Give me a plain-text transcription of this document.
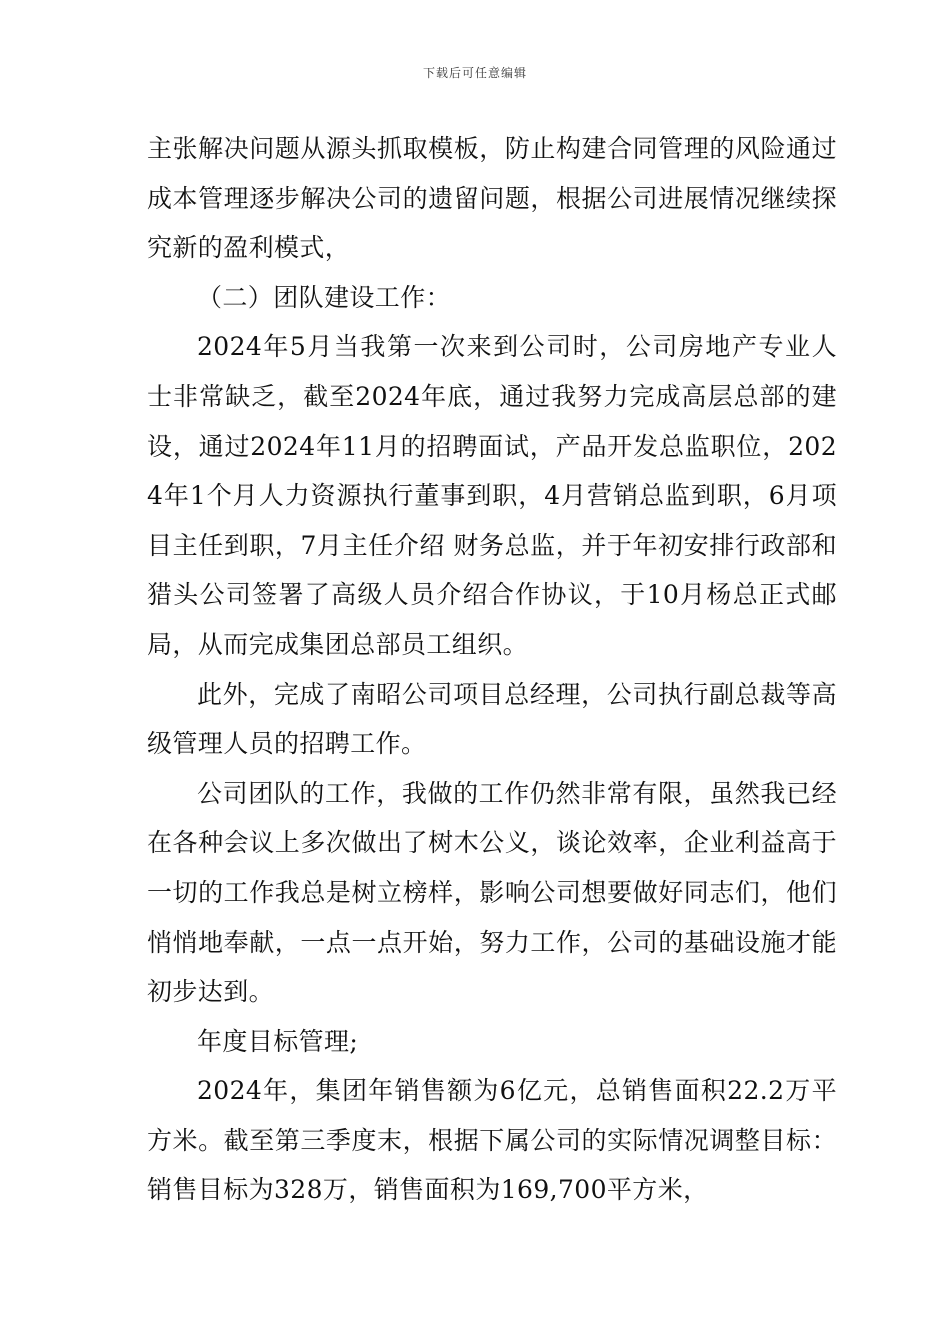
下载后可任意编辑

主张解决问题从源头抓取模板，防止构建合同管理的风险通过成本管理逐步解决公司的遗留问题，根据公司进展情况继续探究新的盈利模式，

（二）团队建设工作：

2024年5月当我第一次来到公司时，公司房地产专业人士非常缺乏，截至2024年底，通过我努力完成高层总部的建设，通过2024年11月的招聘面试，产品开发总监职位，2024年1个月人力资源执行董事到职，4月营销总监到职，6月项目主任到职，7月主任介绍 财务总监，并于年初安排行政部和猎头公司签署了高级人员介绍合作协议，于10月杨总正式邮局，从而完成集团总部员工组织。

此外，完成了南昭公司项目总经理，公司执行副总裁等高级管理人员的招聘工作。

公司团队的工作，我做的工作仍然非常有限，虽然我已经在各种会议上多次做出了树木公义，谈论效率，企业利益高于一切的工作我总是树立榜样，影响公司想要做好同志们，他们悄悄地奉献，一点一点开始，努力工作，公司的基础设施才能初步达到。

年度目标管理;

2024年，集团年销售额为6亿元，总销售面积22.2万平方米。截至第三季度末，根据下属公司的实际情况调整目标：销售目标为328万，销售面积为169,700平方米，
